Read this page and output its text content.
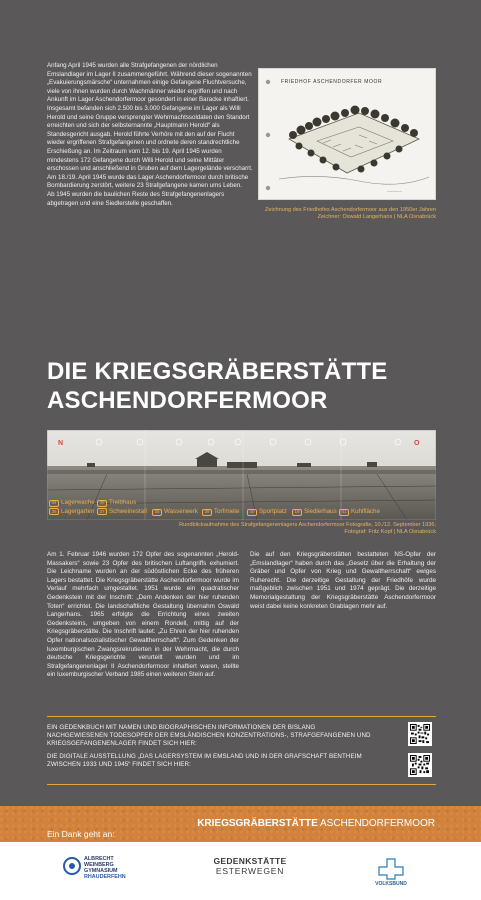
Anfang April 1945 wurden alle Strafgefangenen der nördlichen Emslandlager im Lager II zusammengeführt. Während dieser sogenannten „Evakuierungsmärsche“ unternahmen einige Gefangene Fluchtversuche, viele von ihnen wurden durch Wachmänner wieder ergriffen und nach Ankunft im Lager Aschendorfermoor gesondert in einer Baracke inhaftiert. Insgesamt befanden sich 2.500 bis 3.000 Gefangene im Lager als Willi Herold und seine Gruppe versprengter Wehrmachtssoldaten den Standort erreichten und sich der selbsternannte „Hauptmann Herold“ als Standesgericht ausgab. Herold führte Verhöre mit den auf der Flucht wieder ergriffenen Strafgefangenen und ordnete deren standrechtliche Erschießung an. Im Zeitraum vom 12. bis 19. April 1945 wurden mindestens 172 Gefangene durch Willi Herold und seine Mittäter erschossen und anschließend in Gruben auf dem Lagergelände verscharrt. Am 18./19. April 1945 wurde das Lager Aschendorfermoor durch britische Bombardierung zerstört, weitere 23 Strafgefangene kamen ums Leben.

Ab 1945 wurden die baulichen Reste des Strafgefangenenlagers abgetragen und eine Siedlerstelle geschaffen.

FRIEDHOF ASCHENDORFER MOOR
~~~~~~~~
Zeichnung des Friedhofes Aschendorfermoor aus den 1950er Jahren
Zeichner: Oswald Langerhans | NLA Osnabrück
DIE KRIEGSGRÄBERSTÄTTE
ASCHENDORFERMOOR
N	O
34 Lagerwache
36 Lagergarten
35 Treibhaus
37 Schweinestall	38 Wasserwerk	39 Torfmiete	40 Sportplatz	19 Siedlerhaus	41 Kuhlfläche
Rundblickaufnahme des Strafgefangenenlagers Aschendorfermoor Fotografie, 10./12. September 1936;
Fotograf: Fritz Kopf | NLA Osnabrück
Am 1. Februar 1946 wurden 172 Opfer des sogenannten „Herold-Massakers“ sowie 23 Opfer des britischen Luftangriffs exhumiert. Die Leichname wurden an der südöstlichen Ecke des früheren Lagers bestattet. Die Kriegsgräberstätte Aschendorfermoor wurde im Verlauf mehrfach umgestaltet. 1951 wurde ein quadratischer Gedenkstein mit der Inschrift: „Dem Andenken der hier ruhenden Toten“ errichtet. Die landschaftliche Gestaltung übernahm Oswald Langerhans. 1965 erfolgte die Errichtung eines zweiten Gedenksteins, umgeben von einem Rondell, mittig auf der Kriegsgräberstätte. Die Inschrift lautet: „Zu Ehren der hier ruhenden Opfer nationalsozialistischer Gewaltherrschaft“. Zum Gedenken der luxemburgischen Zwangsrekrutierten in der Wehrmacht, die durch deutsche Kriegsgerichte verurteilt wurden und im Strafgefangenenlager II Aschendorfermoor inhaftiert waren, stellte ein luxemburgischer Verband 1985 einen weiteren Stein auf.
Die auf den Kriegsgräberstätten bestatteten NS-Opfer der „Emslandlager“ haben durch das „Gesetz über die Erhaltung der Gräber und Opfer von Krieg und Gewaltherrschaft“ ewiges Ruherecht. Die derzeitige Gestaltung der Friedhöfe wurde maßgeblich zwischen 1951 und 1974 geprägt. Die derzeitige Memorialgestaltung der Kriegsgräberstätte Aschendorfermoor weist dabei keine konkreten Grablagen mehr auf.
EIN GEDENKBUCH MIT NAMEN UND BIOGRAPHISCHEN INFORMATIONEN DER BISLANG NACHGEWIESENEN TODESOPFER DER EMSLÄNDISCHEN KONZENTRATIONS-, STRAFGEFANGENEN UND KRIEGSGEFANGENENLAGER FINDET SICH HIER:
DIE DIGITALE AUSSTELLUNG „DAS LAGERSYSTEM IM EMSLAND UND IN DER GRAFSCHAFT BENTHEIM ZWISCHEN 1933 UND 1945“ FINDET SICH HIER:
KRIEGSGRÄBERSTÄTTE ASCHENDORFERMOOR
Ein Dank geht an:
ALBRECHT
WEINBERG
GYMNASIUM
RHAUDERFEHN
GEDENKSTÄTTE
ESTERWEGEN
VOLKSBUND
